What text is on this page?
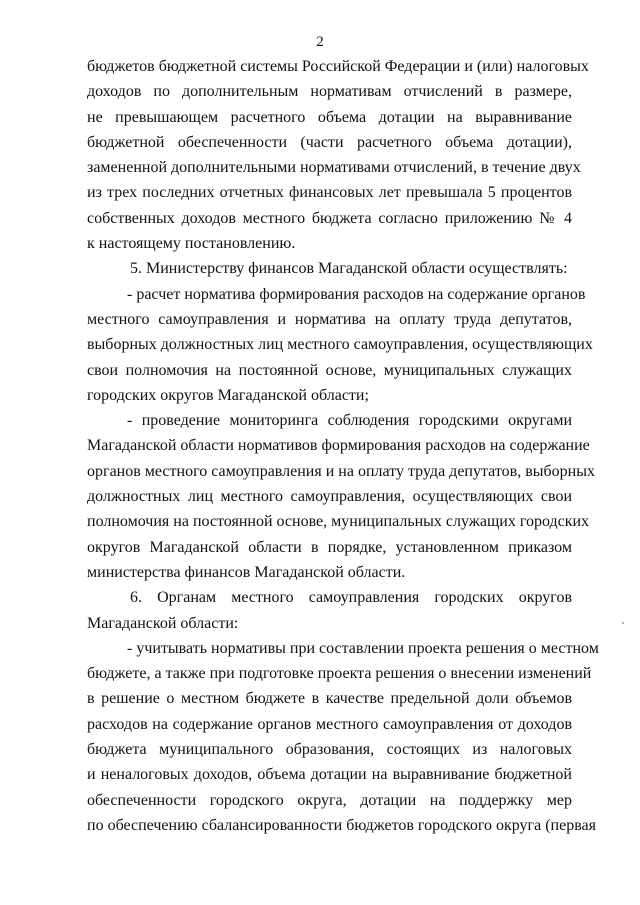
2
бюджетов бюджетной системы Российской Федерации и (или) налоговых
доходов по дополнительным нормативам отчислений в размере,
не превышающем расчетного объема дотации на выравнивание
бюджетной обеспеченности (части расчетного объема дотации),
замененной дополнительными нормативами отчислений, в течение двух
из трех последних отчетных финансовых лет превышала 5 процентов
собственных доходов местного бюджета согласно приложению № 4
к настоящему постановлению.
5. Министерству финансов Магаданской области осуществлять:
- расчет норматива формирования расходов на содержание органов
местного самоуправления и норматива на оплату труда депутатов,
выборных должностных лиц местного самоуправления, осуществляющих
свои полномочия на постоянной основе, муниципальных служащих
городских округов Магаданской области;
- проведение мониторинга соблюдения городскими округами
Магаданской области нормативов формирования расходов на содержание
органов местного самоуправления и на оплату труда депутатов, выборных
должностных лиц местного самоуправления, осуществляющих свои
полномочия на постоянной основе, муниципальных служащих городских
округов Магаданской области в порядке, установленном приказом
министерства финансов Магаданской области.
6. Органам местного самоуправления городских округов
Магаданской области:
- учитывать нормативы при составлении проекта решения о местном
бюджете, а также при подготовке проекта решения о внесении изменений
в решение о местном бюджете в качестве предельной доли объемов
расходов на содержание органов местного самоуправления от доходов
бюджета муниципального образования, состоящих из налоговых
и неналоговых доходов, объема дотации на выравнивание бюджетной
обеспеченности городского округа, дотации на поддержку мер
по обеспечению сбалансированности бюджетов городского округа (первая
